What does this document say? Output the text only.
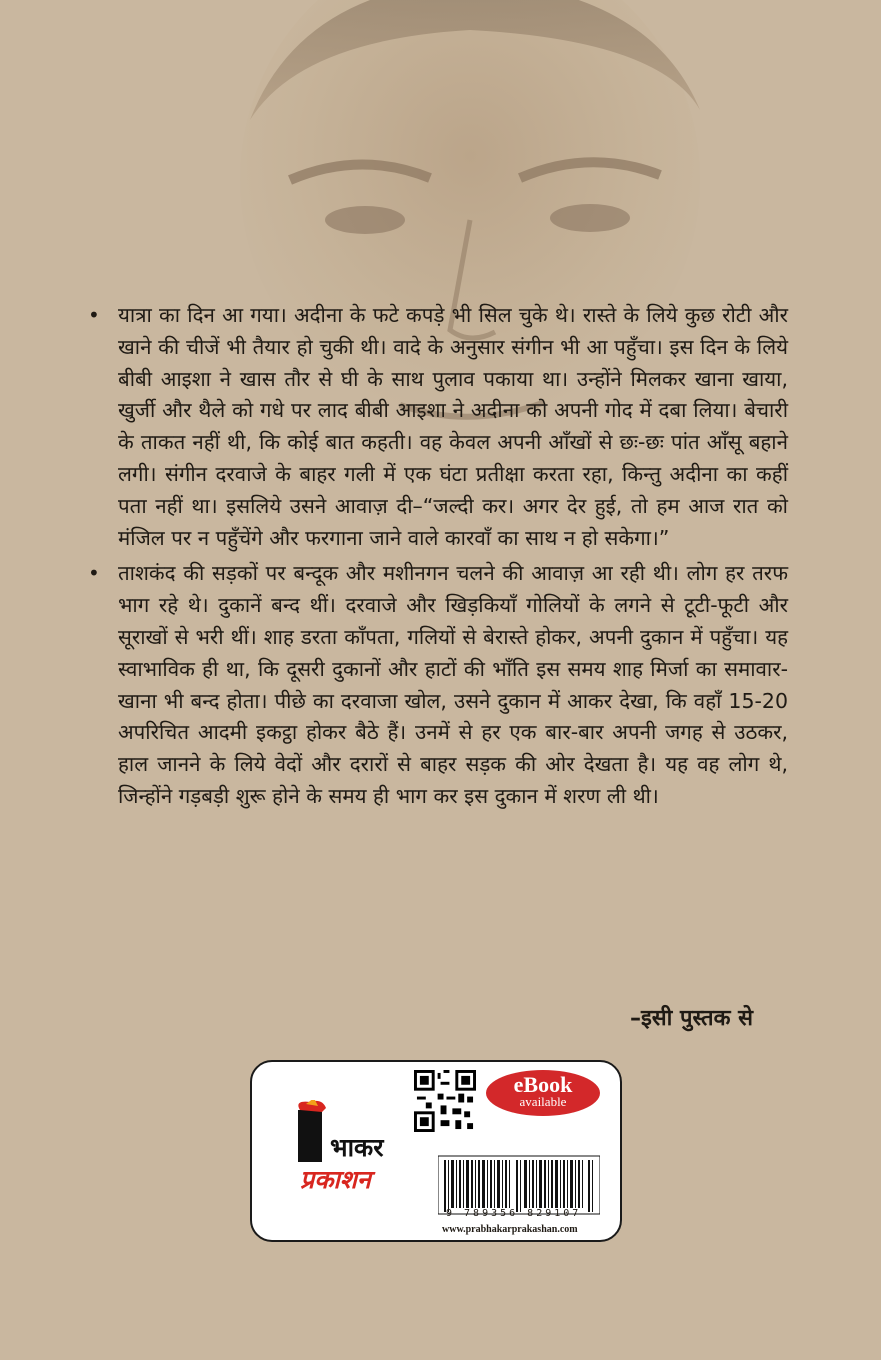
• यात्रा का दिन आ गया। अदीना के फटे कपड़े भी सिल चुके थे। रास्ते के लिये कुछ रोटी और खाने की चीजें भी तैयार हो चुकी थी। वादे के अनुसार संगीन भी आ पहुँचा। इस दिन के लिये बीबी आइशा ने खास तौर से घी के साथ पुलाव पकाया था। उन्होंने मिलकर खाना खाया, खुर्जी और थैले को गधे पर लाद बीबी आइशा ने अदीना को अपनी गोद में दबा लिया। बेचारी के ताकत नहीं थी, कि कोई बात कहती। वह केवल अपनी आँखों से छः-छः पांत आँसू बहाने लगी। संगीन दरवाजे के बाहर गली में एक घंटा प्रतीक्षा करता रहा, किन्तु अदीना का कहीं पता नहीं था। इसलिये उसने आवाज़ दी–“जल्दी कर। अगर देर हुई, तो हम आज रात को मंजिल पर न पहुँचेंगे और फरगाना जाने वाले कारवाँ का साथ न हो सकेगा।”

• ताशकंद की सड़कों पर बन्दूक और मशीनगन चलने की आवाज़ आ रही थी। लोग हर तरफ भाग रहे थे। दुकानें बन्द थीं। दरवाजे और खिड़कियाँ गोलियों के लगने से टूटी-फूटी और सूराखों से भरी थीं। शाह डरता काँपता, गलियों से बेरास्ते होकर, अपनी दुकान में पहुँचा। यह स्वाभाविक ही था, कि दूसरी दुकानों और हाटों की भाँति इस समय शाह मिर्जा का समावार-खाना भी बन्द होता। पीछे का दरवाजा खोल, उसने दुकान में आकर देखा, कि वहाँ 15-20 अपरिचित आदमी इकट्ठा होकर बैठे हैं। उनमें से हर एक बार-बार अपनी जगह से उठकर, हाल जानने के लिये वेदों और दरारों से बाहर सड़क की ओर देखता है। यह वह लोग थे, जिन्होंने गड़बड़ी शुरू होने के समय ही भाग कर इस दुकान में शरण ली थी।

–इसी पुस्तक से
भाकर
प्रकाशन
eBook
available
9 789356 829107
www.prabhakarprakashan.com
